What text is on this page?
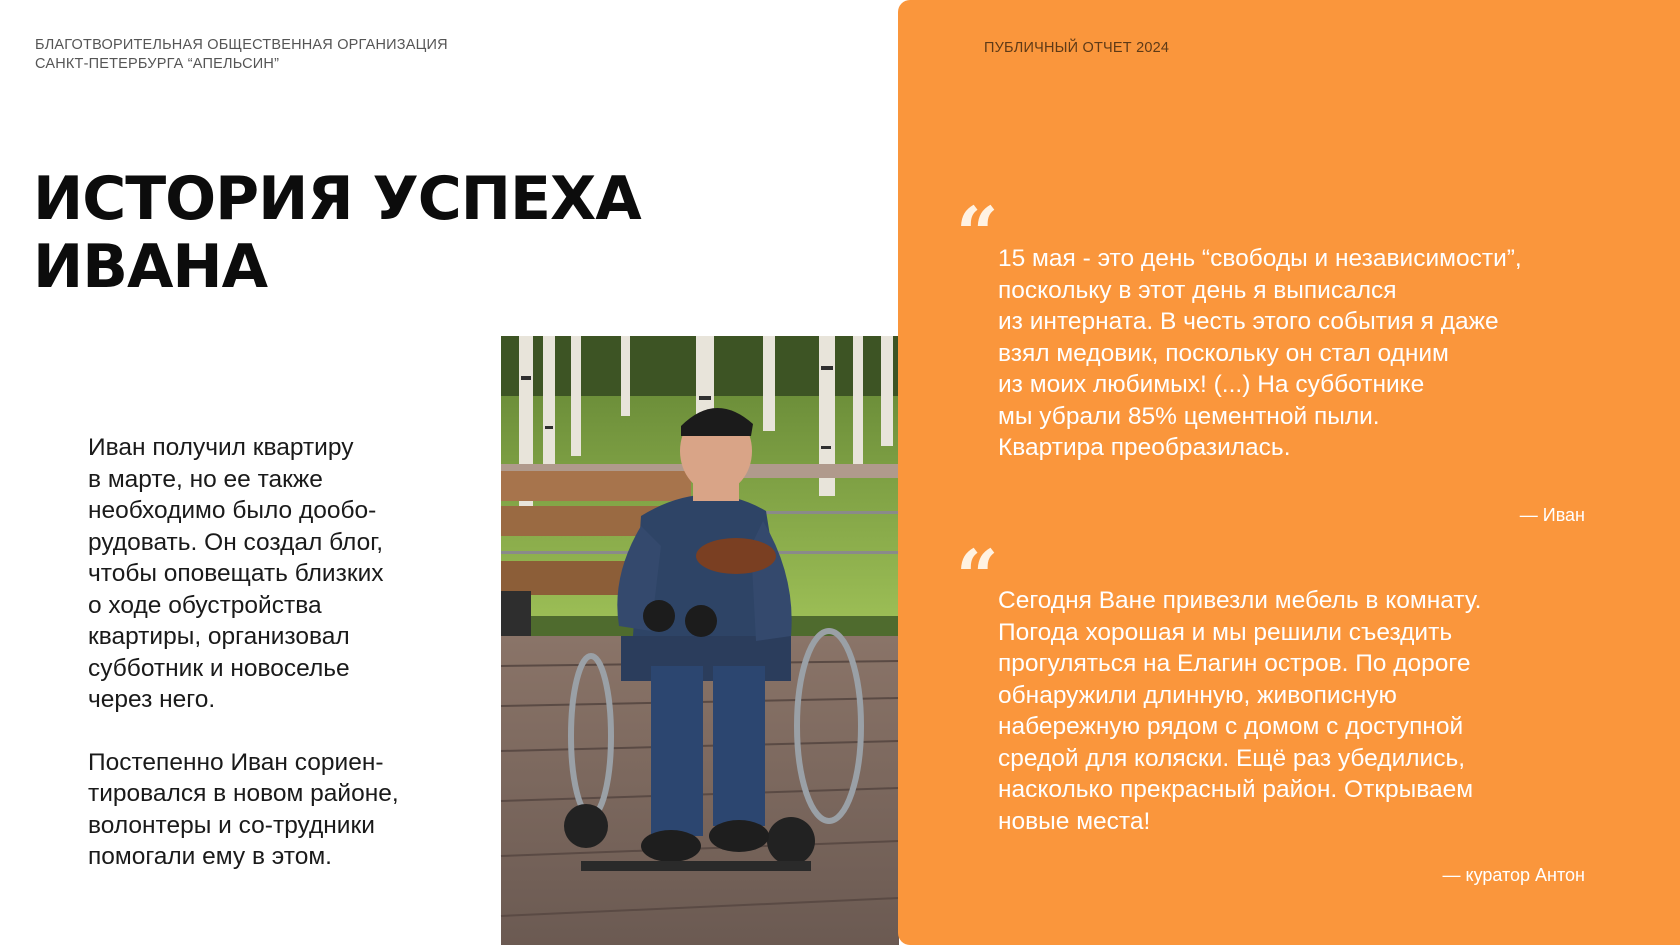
БЛАГОТВОРИТЕЛЬНАЯ ОБЩЕСТВЕННАЯ ОРГАНИЗАЦИЯ
САНКТ-ПЕТЕРБУРГА “АПЕЛЬСИН”
ИСТОРИЯ УСПЕХА
ИВАНА
Иван получил квартиру
в марте, но ее также
необходимо было дообо-
рудовать. Он создал блог,
чтобы оповещать близких
о ходе обустройства
квартиры, организовал
субботник и новоселье
через него.
Постепенно Иван сориен-
тировался в новом районе,
волонтеры и со-трудники
помогали ему в этом.
ПУБЛИЧНЫЙ ОТЧЕТ 2024
“ 15 мая - это день “свободы и независимости”,
поскольку в этот день я выписался
из интерната. В честь этого события я даже
взял медовик, поскольку он стал одним
из моих любимых! (...) На субботнике
мы убрали 85% цементной пыли.
Квартира преобразилась.
— Иван
“ Сегодня Ване привезли мебель в комнату.
Погода хорошая и мы решили съездить
прогуляться на Елагин остров. По дороге
обнаружили длинную, живописную
набережную рядом с домом с доступной
средой для коляски. Ещё раз убедились,
насколько прекрасный район. Открываем
новые места!
— куратор Антон
